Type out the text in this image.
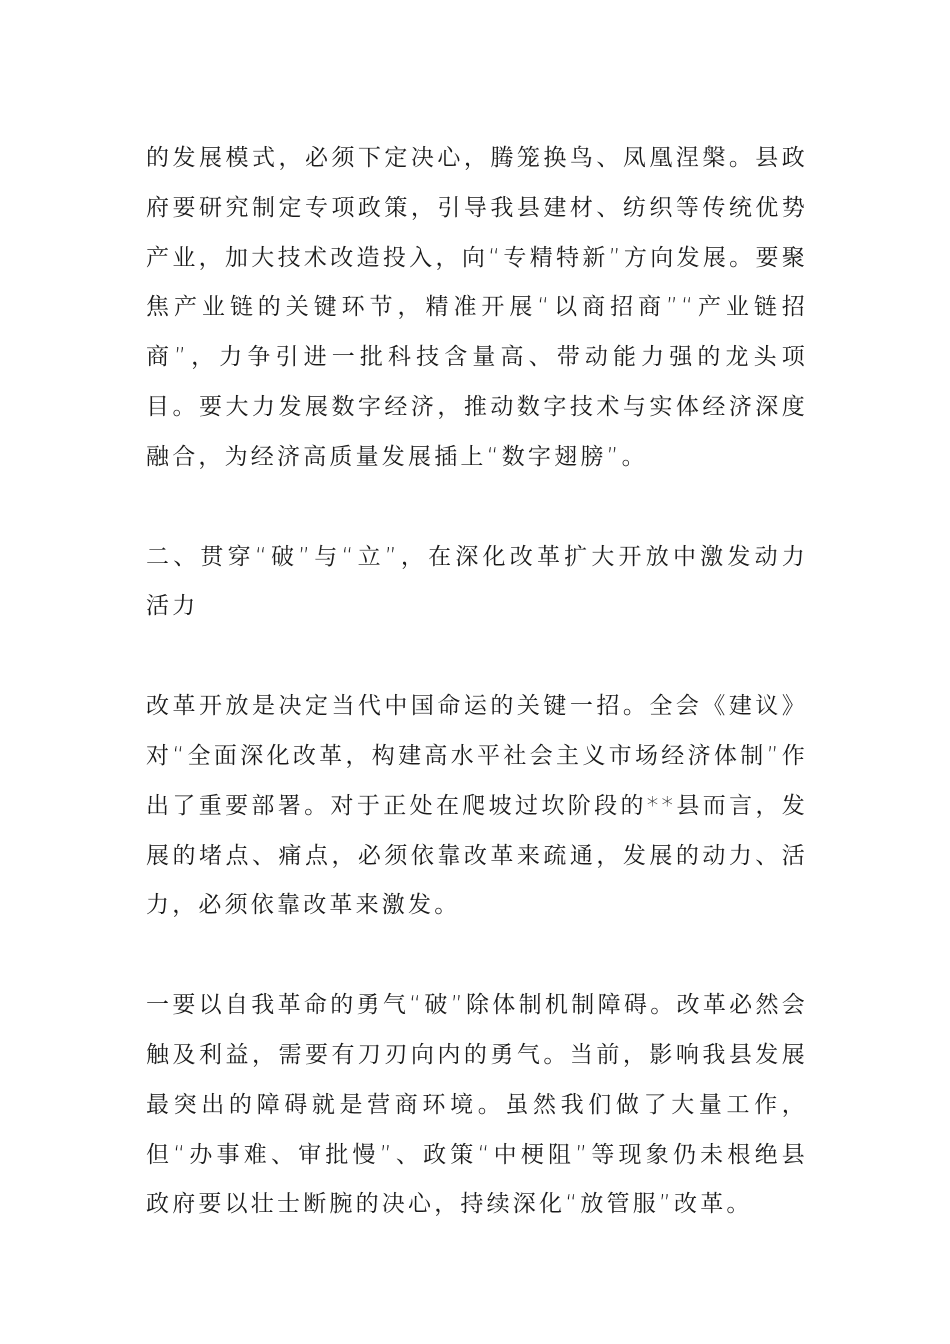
的发展模式，必须下定决心，腾笼换鸟、凤凰涅槃。县政府要研究制定专项政策，引导我县建材、纺织等传统优势产业，加大技术改造投入，向“专精特新”方向发展。要聚焦产业链的关键环节，精准开展“以商招商”“产业链招商”，力争引进一批科技含量高、带动能力强的龙头项目。要大力发展数字经济，推动数字技术与实体经济深度融合，为经济高质量发展插上“数字翅膀”。

二、贯穿“破”与“立”，在深化改革扩大开放中激发动力活力

改革开放是决定当代中国命运的关键一招。全会《建议》对“全面深化改革，构建高水平社会主义市场经济体制”作出了重要部署。对于正处在爬坡过坎阶段的**县而言，发展的堵点、痛点，必须依靠改革来疏通，发展的动力、活力，必须依靠改革来激发。

一要以自我革命的勇气“破”除体制机制障碍。改革必然会触及利益，需要有刀刃向内的勇气。当前，影响我县发展最突出的障碍就是营商环境。虽然我们做了大量工作，但“办事难、审批慢”、政策“中梗阻”等现象仍未根绝县政府要以壮士断腕的决心，持续深化“放管服”改革。
